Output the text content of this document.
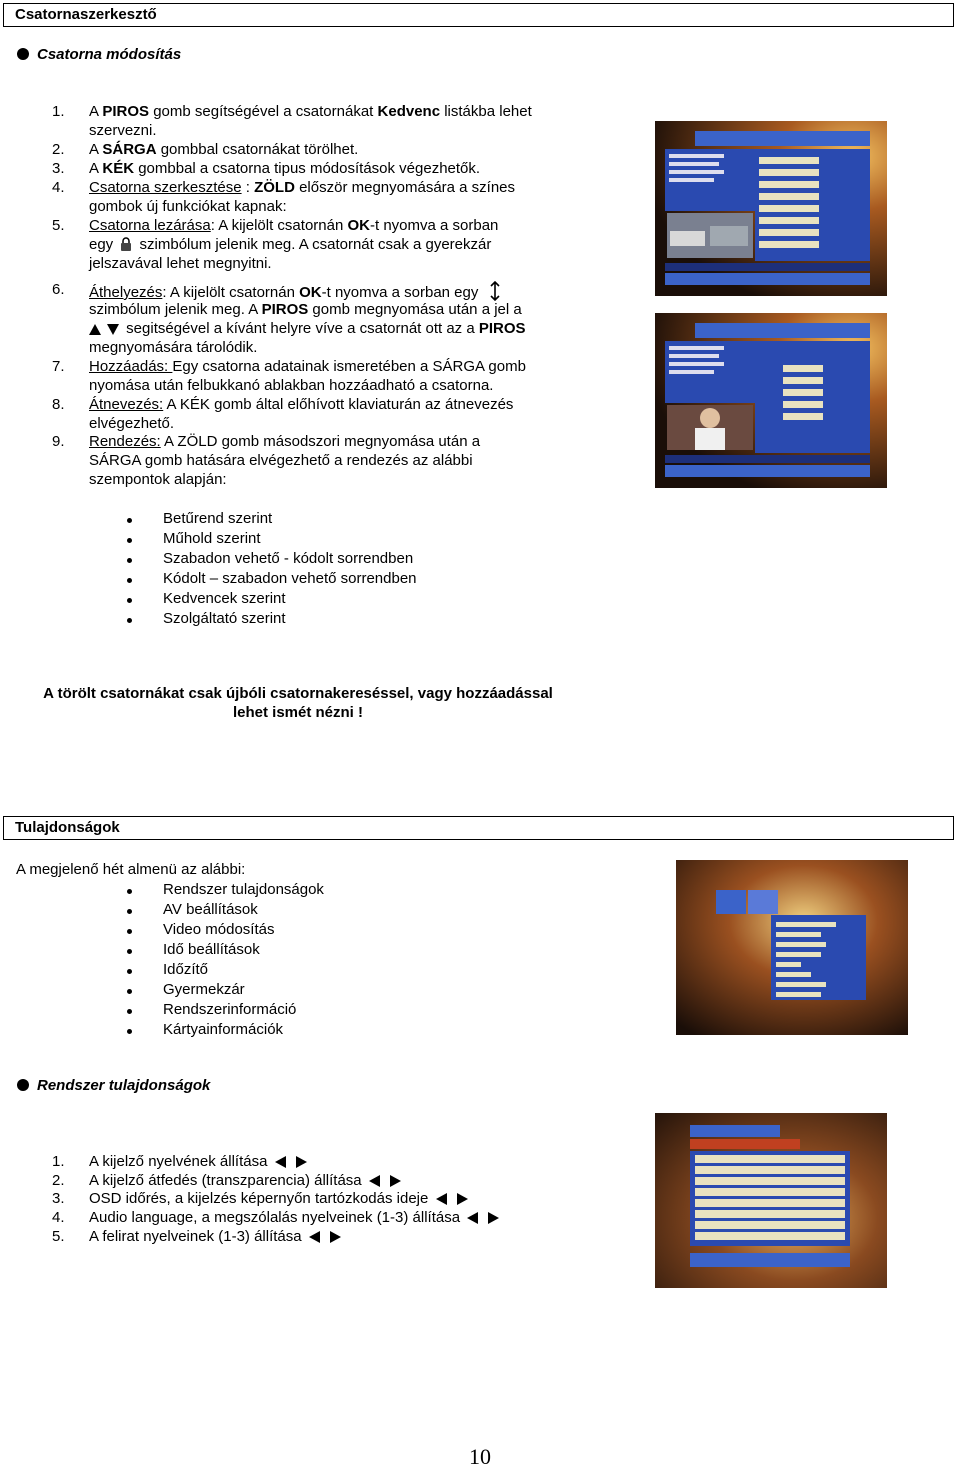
Csatornaszerkesztő
Csatorna módosítás
1. A PIROS gomb segítségével a csatornákat Kedvenc listákba lehet
szervezni.
2. A SÁRGA gombbal csatornákat törölhet.
3. A KÉK gombbal a csatorna tipus módosítások végezhetők.
4. Csatorna szerkesztése : ZÖLD először megnyomására a színes
gombok új funkciókat kapnak:
5. Csatorna lezárása: A kijelölt csatornán OK-t nyomva a sorban
egy szimbólum jelenik meg. A csatornát csak a gyerekzár
jelszavával lehet megnyitni.
6. Áthelyezés: A kijelölt csatornán OK-t nyomva a sorban egy
szimbólum jelenik meg. A PIROS gomb megnyomása után a jel a
segitségével a kívánt helyre víve a csatornát ott az a PIROS
megnyomására tárolódik.
7. Hozzáadás: Egy csatorna adatainak ismeretében a SÁRGA gomb
nyomása után felbukkanó ablakban hozzáadható a csatorna.
8. Átnevezés: A KÉK gomb által előhívott klaviaturán az átnevezés
elvégezhető.
9. Rendezés: A ZÖLD gomb másodszori megnyomása után a
SÁRGA gomb hatására elvégezhető a rendezés az alábbi
szempontok alapján:
Betűrend szerint
Műhold szerint
Szabadon vehető - kódolt sorrendben
Kódolt – szabadon vehető sorrendben
Kedvencek szerint
Szolgáltató szerint
A törölt csatornákat csak újbóli csatornakereséssel, vagy hozzáadással
lehet ismét nézni !
Tulajdonságok
A megjelenő hét almenü az alábbi:
Rendszer tulajdonságok
AV beállítások
Video módosítás
Idő beállítások
Időzítő
Gyermekzár
Rendszerinformáció
Kártyainformációk
Rendszer tulajdonságok
1. A kijelző nyelvének állítása
2. A kijelző átfedés (transzparencia) állítása
3. OSD időrés, a kijelzés képernyőn tartózkodás ideje
4. Audio language, a megszólalás nyelveinek (1-3) állítása
5. A felirat nyelveinek (1-3) állítása
10
